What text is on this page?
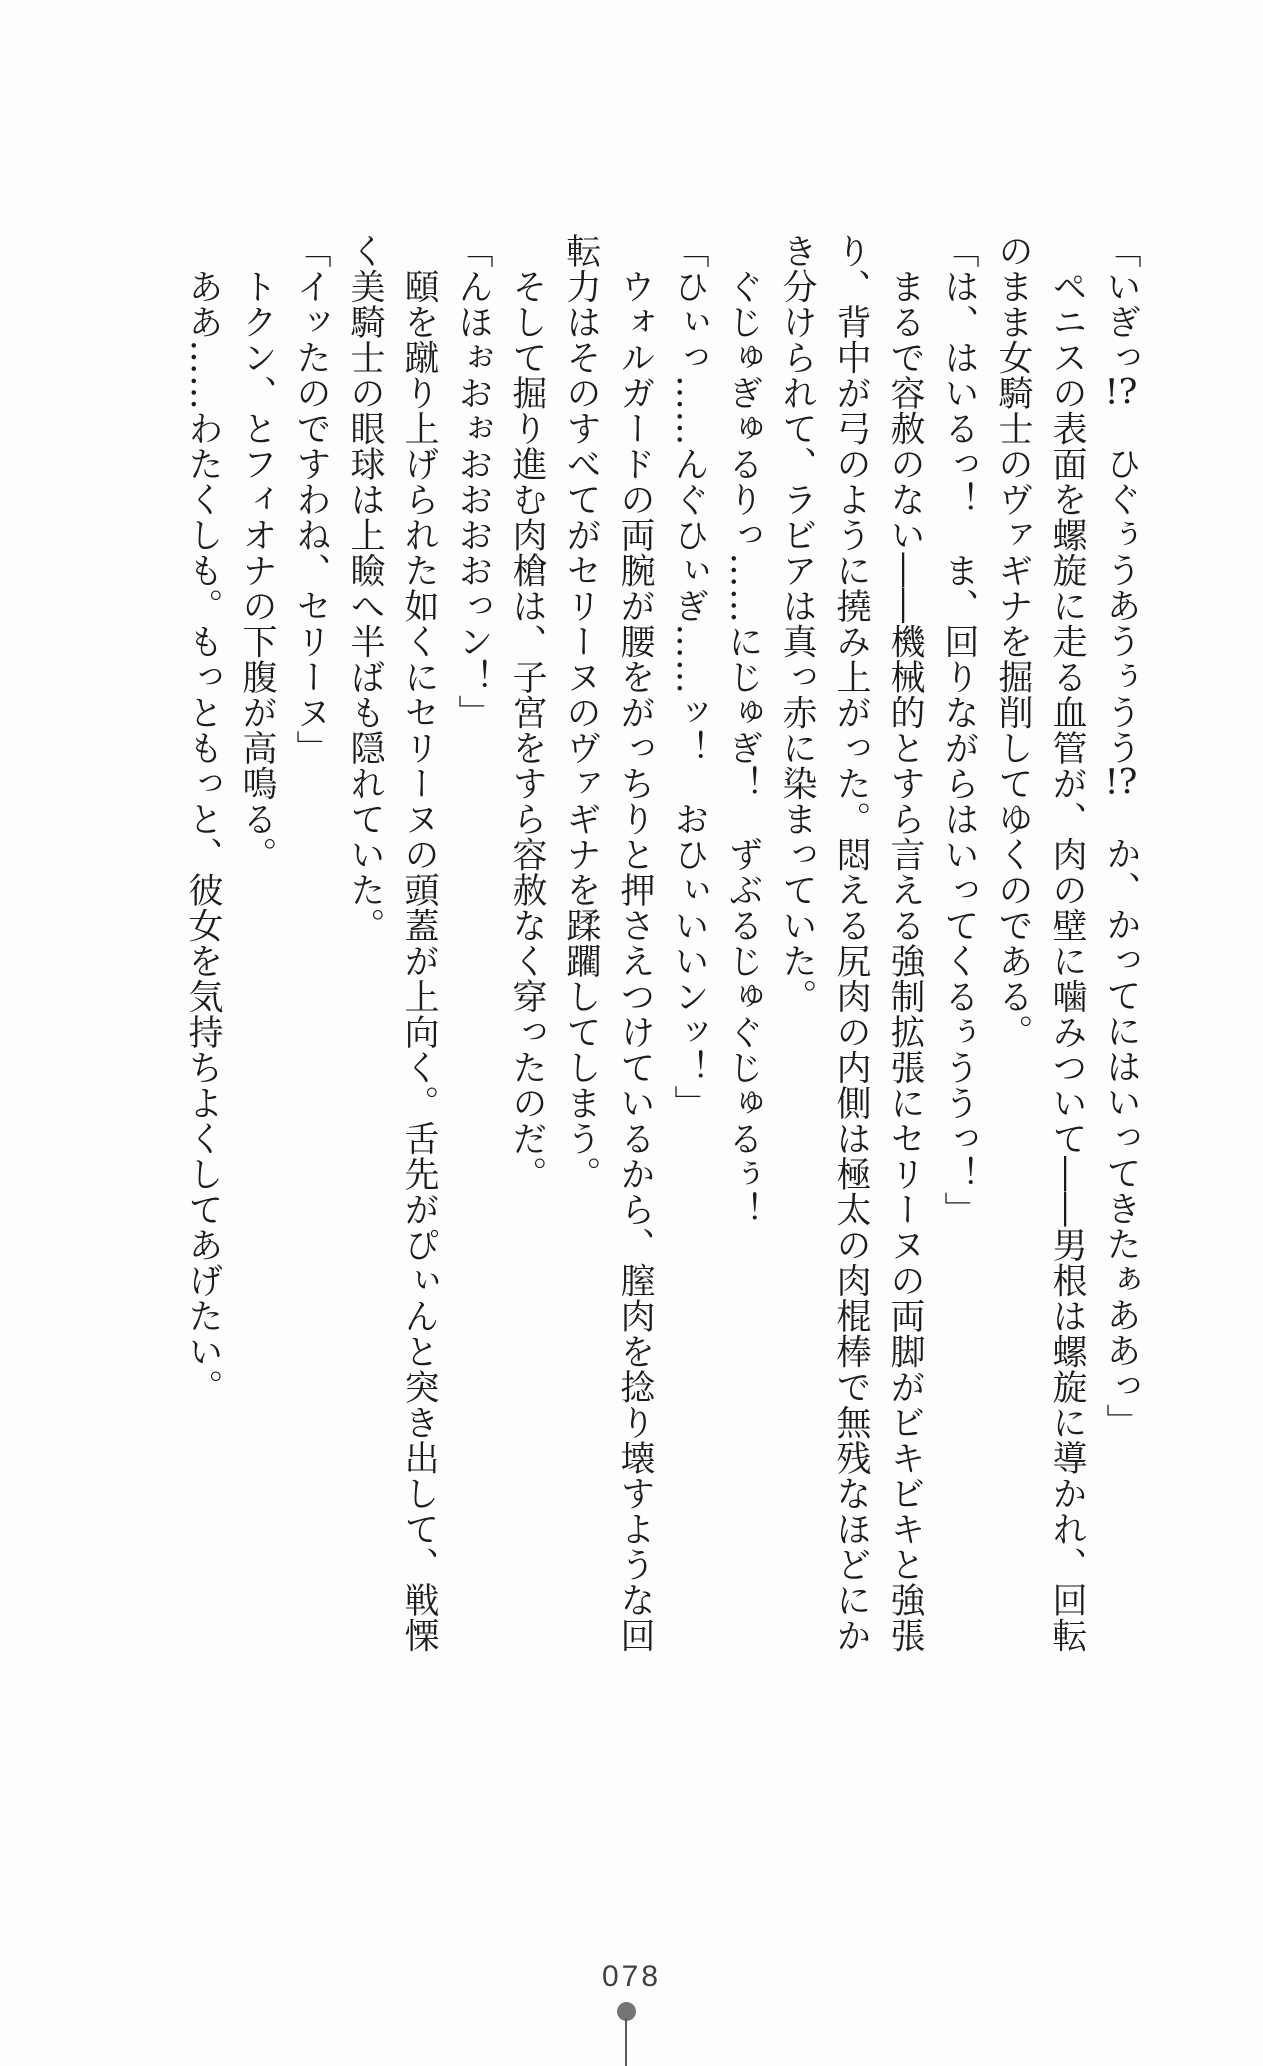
「いぎっ!?　ひぐぅうあうぅうう!?　か、かってにはいってきたぁああっ」

　ペニスの表面を螺旋に走る血管が、肉の壁に噛みついて――男根は螺旋に導かれ、回転

のまま女騎士のヴァギナを掘削してゆくのである。

「は、はいるっ！　ま、回りながらはいってくるぅううっ！」

　まるで容赦のない――機械的とすら言える強制拡張にセリーヌの両脚がビキビキと強張

り、背中が弓のように撓み上がった。悶える尻肉の内側は極太の肉棍棒で無残なほどにか

き分けられて、ラビアは真っ赤に染まっていた。

　ぐじゅぎゅるりっ……にじゅぎ！　ずぶるじゅぐじゅるぅ！

「ひぃっ……んぐひぃぎ……ッ！　おひぃいいンッ！」

　ウォルガードの両腕が腰をがっちりと押さえつけているから、膣肉を捻り壊すような回

転力はそのすべてがセリーヌのヴァギナを蹂躙してしまう。

　そして掘り進む肉槍は、子宮をすら容赦なく穿ったのだ。

「んほぉおぉおおおおっン！」

　頤を蹴り上げられた如くにセリーヌの頭蓋が上向く。舌先がぴぃんと突き出して、戦慄

く美騎士の眼球は上瞼へ半ばも隠れていた。

「イッたのですわね、セリーヌ」

　トクン、とフィオナの下腹が高鳴る。

　ああ……わたくしも。もっともっと、彼女を気持ちよくしてあげたい。

078
